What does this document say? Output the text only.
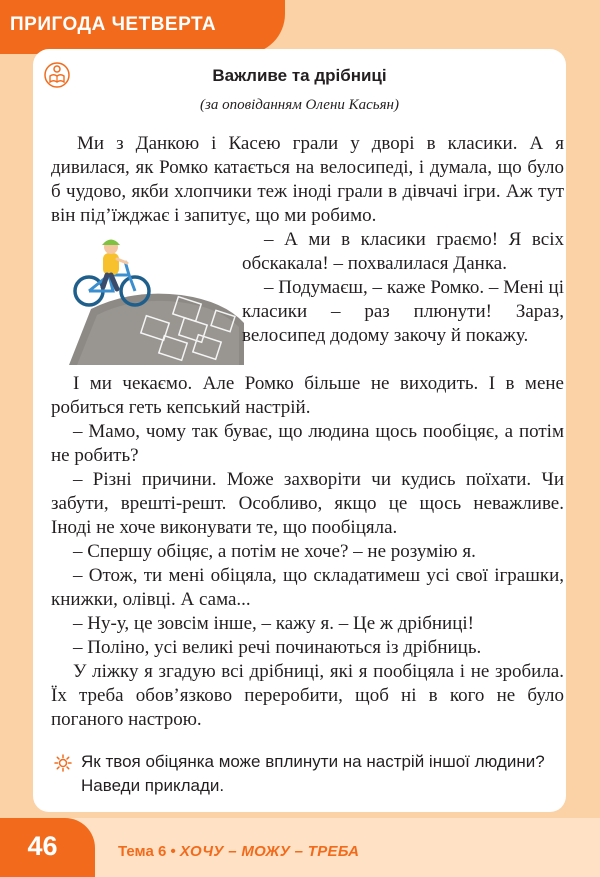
ПРИГОДА ЧЕТВЕРТА
Важливе та дрібниці

(за оповіданням Олени Касьян)

Ми з Данкою і Касею грали у дворі в класики. А я дивилася, як Ромко катається на велосипеді, і думала, що було б чудово, якби хлопчики теж іноді грали в дівчачі ігри. Аж тут він під’їжджає і запитує, що ми робимо.

– А ми в класики граємо! Я всіх обскакала! – похвалилася Данка.

– Подумаєш, – каже Ромко. – Мені ці класики – раз плюнути! Зараз, велосипед додому закочу й покажу.

І ми чекаємо. Але Ромко більше не виходить. І в мене робиться геть кепський настрій.

– Мамо, чому так буває, що людина щось пообіцяє, а потім не робить?

– Різні причини. Може захворіти чи кудись поїхати. Чи забути, врешті-решт. Особливо, якщо це щось неважливе. Іноді не хоче виконувати те, що пообіцяла.

– Спершу обіцяє, а потім не хоче? – не розумію я.

– Отож, ти мені обіцяла, що складатимеш усі свої іграшки, книжки, олівці. А сама...

– Ну-у, це зовсім інше, – кажу я. – Це ж дрібниці!

– Поліно, усі великі речі починаються із дрібниць.

У ліжку я згадую всі дрібниці, які я пообіцяла і не зробила. Їх треба обов’язково переробити, щоб ні в кого не було поганого настрою.

Як твоя обіцянка може вплинути на настрій іншої людини? Наведи приклади.

46	Тема 6 • ХОЧУ – МОЖУ – ТРЕБА
